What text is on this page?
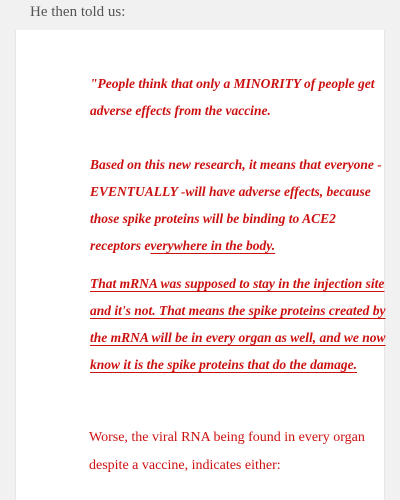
He then told us:

"People think that only a MINORITY of people get adverse effects from the vaccine.

Based on this new research, it means that everyone - EVENTUALLY -will have adverse effects, because those spike proteins will be binding to ACE2 receptors everywhere in the body.

That mRNA was supposed to stay in the injection site and it's not. That means the spike proteins created by the mRNA will be in every organ as well, and we now know it is the spike proteins that do the damage.

Worse, the viral RNA being found in every organ despite a vaccine, indicates either:
